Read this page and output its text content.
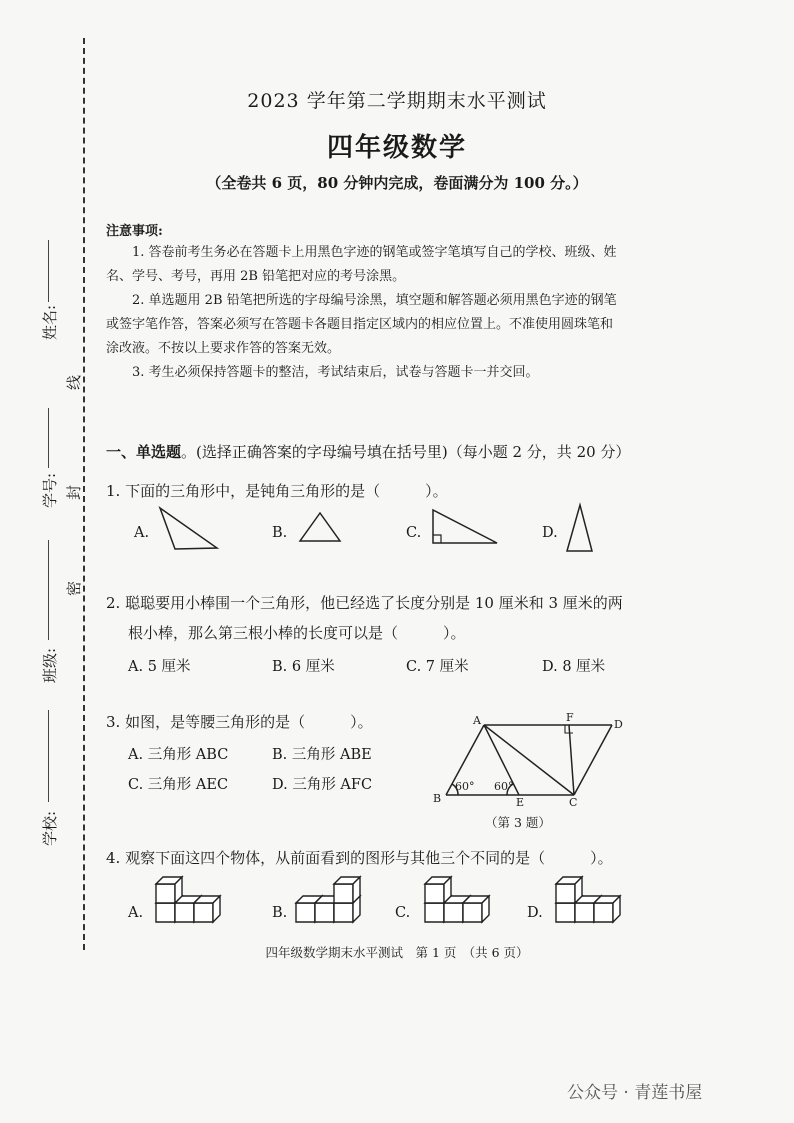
姓名:
线
学号: 封
密
班级:
学校:
2023 学年第二学期期末水平测试
四年级数学
（全卷共 6 页，80 分钟内完成，卷面满分为 100 分。）
注意事项:
1. 答卷前考生务必在答题卡上用黑色字迹的钢笔或签字笔填写自己的学校、班级、姓
名、学号、考号，再用 2B 铅笔把对应的考号涂黑。
2. 单选题用 2B 铅笔把所选的字母编号涂黑，填空题和解答题必须用黑色字迹的钢笔
或签字笔作答，答案必须写在答题卡各题目指定区域内的相应位置上。不准使用圆珠笔和
涂改液。不按以上要求作答的答案无效。
3. 考生必须保持答题卡的整洁，考试结束后，试卷与答题卡一并交回。
一、单选题。(选择正确答案的字母编号填在括号里)（每小题 2 分，共 20 分）
1. 下面的三角形中，是钝角三角形的是（　　　）。
A.	B.	C.	D.
2. 聪聪要用小棒围一个三角形，他已经选了长度分别是 10 厘米和 3 厘米的两
根小棒，那么第三根小棒的长度可以是（　　　）。
A. 5 厘米	B. 6 厘米	C. 7 厘米	D. 8 厘米
3. 如图，是等腰三角形的是（　　　）。
A. 三角形 ABC	B. 三角形 ABE
C. 三角形 AEC	D. 三角形 AFC
A	F
D
B	E	C
60° 60°
（第 3 题）
4. 观察下面这四个物体，从前面看到的图形与其他三个不同的是（　　　）。
A.	B.	C.	D.
四年级数学期末水平测试　第 1 页　（共 6 页）
公众号 · 青莲书屋
